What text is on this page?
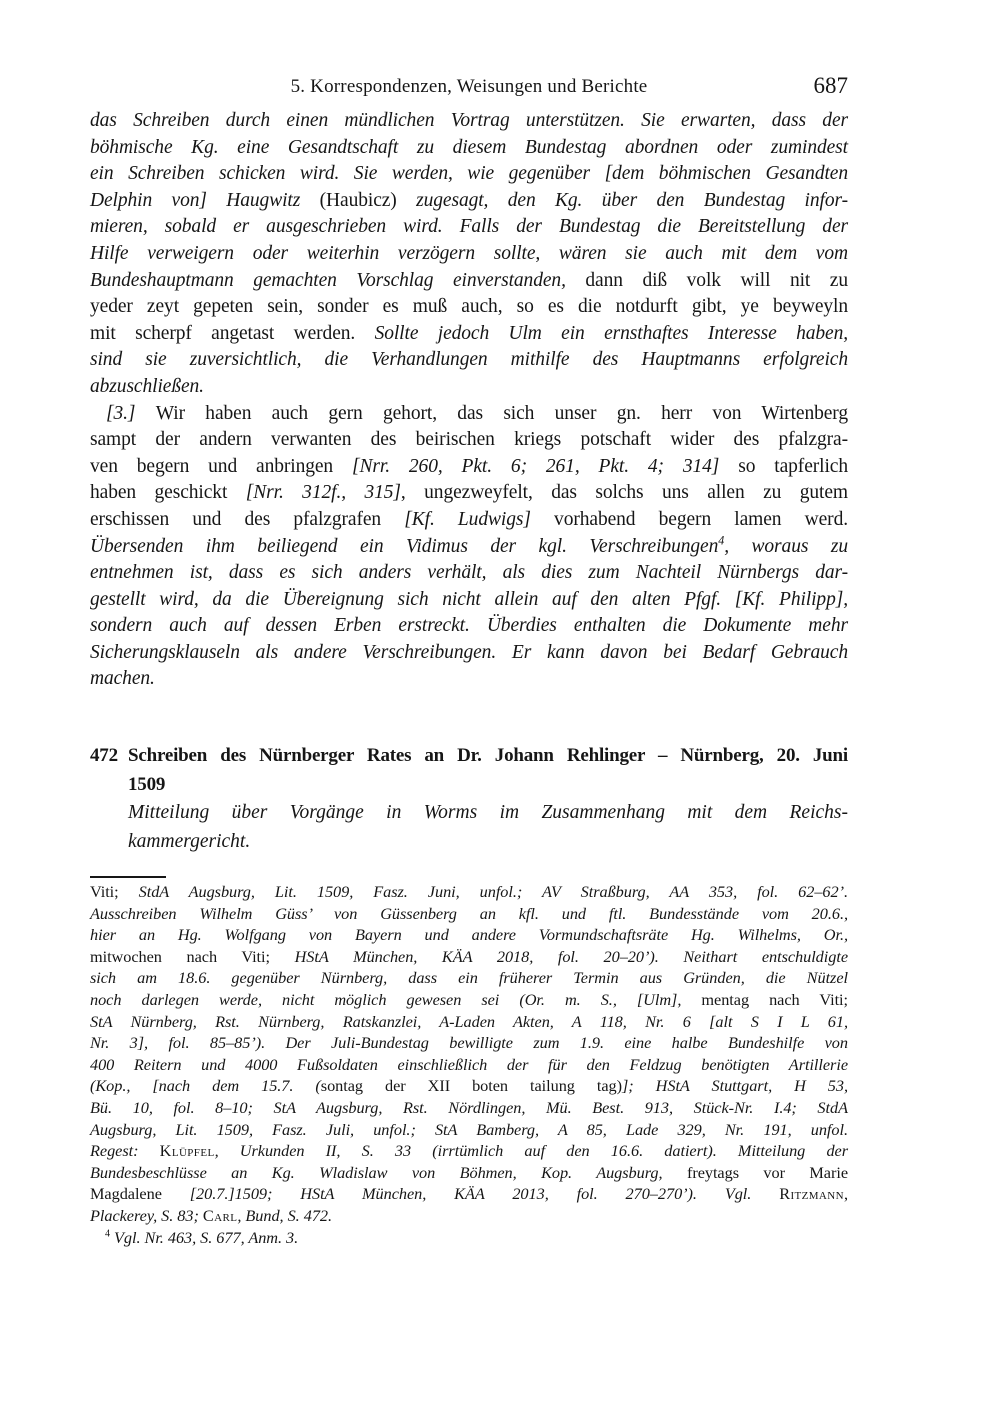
5. Korrespondenzen, Weisungen und Berichte	687
das Schreiben durch einen mündlichen Vortrag unterstützen. Sie erwarten, dass der
böhmische Kg. eine Gesandtschaft zu diesem Bundestag abordnen oder zumindest
ein Schreiben schicken wird. Sie werden, wie gegenüber [dem böhmischen Gesandten
Delphin von] Haugwitz (Haubicz) zugesagt, den Kg. über den Bundestag infor-
mieren, sobald er ausgeschrieben wird. Falls der Bundestag die Bereitstellung der
Hilfe verweigern oder weiterhin verzögern sollte, wären sie auch mit dem vom
Bundeshauptmann gemachten Vorschlag einverstanden, dann diß volk will nit zu
yeder zeyt gepeten sein, sonder es muß auch, so es die notdurft gibt, ye beyweyln
mit scherpf angetast werden. Sollte jedoch Ulm ein ernsthaftes Interesse haben,
sind sie zuversichtlich, die Verhandlungen mithilfe des Hauptmanns erfolgreich
abzuschließen.
[3.] Wir haben auch gern gehort, das sich unser gn. herr von Wirtenberg
sampt der andern verwanten des beirischen kriegs potschaft wider des pfalzgra-
ven begern und anbringen [Nrr. 260, Pkt. 6; 261, Pkt. 4; 314] so tapferlich
haben geschickt [Nrr. 312f., 315], ungezweyfelt, das solchs uns allen zu gutem
erschissen und des pfalzgrafen [Kf. Ludwigs] vorhabend begern lamen werd.
Übersenden ihm beiliegend ein Vidimus der kgl. Verschreibungen$^4$, woraus zu
entnehmen ist, dass es sich anders verhält, als dies zum Nachteil Nürnbergs dar-
gestellt wird, da die Übereignung sich nicht allein auf den alten Pfgf. [Kf. Philipp],
sondern auch auf dessen Erben erstreckt. Überdies enthalten die Dokumente mehr
Sicherungsklauseln als andere Verschreibungen. Er kann davon bei Bedarf Gebrauch
machen.
472 Schreiben des Nürnberger Rates an Dr. Johann Rehlinger – Nürnberg, 20. Juni
1509
Mitteilung über Vorgänge in Worms im Zusammenhang mit dem Reichs-
kammergericht.
Viti; StdA Augsburg, Lit. 1509, Fasz. Juni, unfol.; AV Straßburg, AA 353, fol. 62–62’.
Ausschreiben Wilhelm Güss’ von Güssenberg an kfl. und ftl. Bundesstände vom 20.6.,
hier an Hg. Wolfgang von Bayern und andere Vormundschaftsräte Hg. Wilhelms, Or.,
mitwochen nach Viti; HStA München, KÄA 2018, fol. 20–20’). Neithart entschuldigte
sich am 18.6. gegenüber Nürnberg, dass ein früherer Termin aus Gründen, die Nützel
noch darlegen werde, nicht möglich gewesen sei (Or. m. S., [Ulm], mentag nach Viti;
StA Nürnberg, Rst. Nürnberg, Ratskanzlei, A-Laden Akten, A 118, Nr. 6 [alt S I L 61,
Nr. 3], fol. 85–85’). Der Juli-Bundestag bewilligte zum 1.9. eine halbe Bundeshilfe von
400 Reitern und 4000 Fußsoldaten einschließlich der für den Feldzug benötigten Artillerie
(Kop., [nach dem 15.7. (sontag der XII boten tailung tag)]; HStA Stuttgart, H 53,
Bü. 10, fol. 8–10; StA Augsburg, Rst. Nördlingen, Mü. Best. 913, Stück-Nr. I.4; StdA
Augsburg, Lit. 1509, Fasz. Juli, unfol.; StA Bamberg, A 85, Lade 329, Nr. 191, unfol.
Regest: Klüpfel, Urkunden II, S. 33 (irrtümlich auf den 16.6. datiert). Mitteilung der
Bundesbeschlüsse an Kg. Wladislaw von Böhmen, Kop. Augsburg, freytags vor Marie
Magdalene [20.7.]1509; HStA München, KÄA 2013, fol. 270–270’). Vgl. Ritzmann,
Plackerey, S. 83; Carl, Bund, S. 472.
$^4$ Vgl. Nr. 463, S. 677, Anm. 3.
